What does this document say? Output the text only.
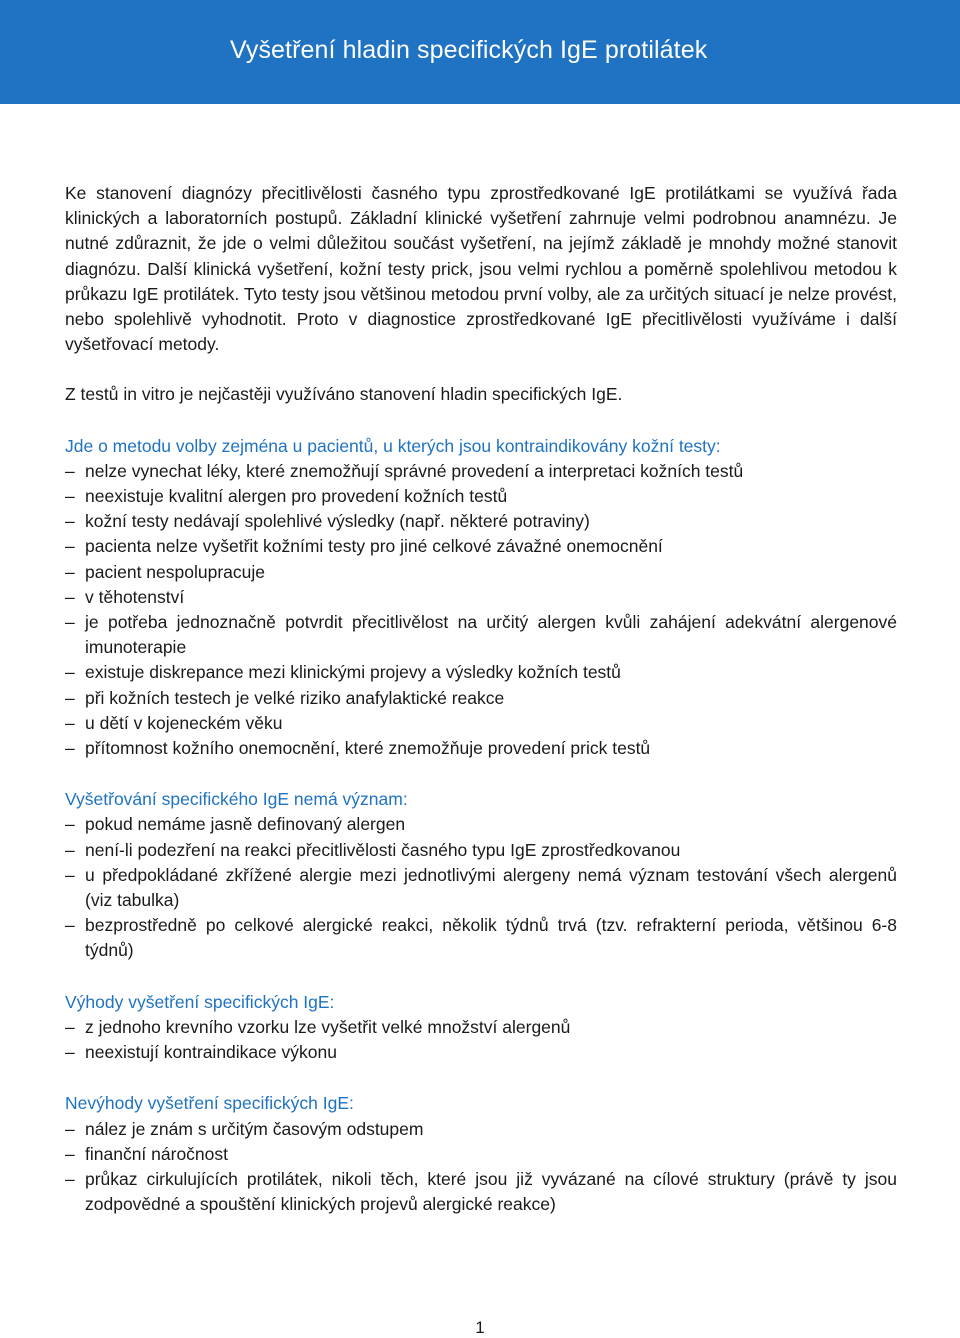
Vyšetření hladin specifických IgE protilátek

Ke stanovení diagnózy přecitlivělosti časného typu zprostředkované IgE protilátkami se využívá řada klinických a laboratorních postupů. Základní klinické vyšetření zahrnuje velmi podrobnou anamnézu. Je nutné zdůraznit, že jde o velmi důležitou součást vyšetření, na jejímž základě je mnohdy možné stanovit diagnózu. Další klinická vyšetření, kožní testy prick, jsou velmi rychlou a poměrně spolehlivou metodou k průkazu IgE protilátek. Tyto testy jsou většinou metodou první volby, ale za určitých situací je nelze provést, nebo spolehlivě vyhodnotit. Proto v diagnostice zprostředkované IgE přecitlivělosti využíváme i další vyšetřovací metody.

Z testů in vitro je nejčastěji využíváno stanovení hladin specifických IgE.

Jde o metodu volby zejména u pacientů, u kterých jsou kontraindikovány kožní testy:
– nelze vynechat léky, které znemožňují správné provedení a interpretaci kožních testů
– neexistuje kvalitní alergen pro provedení kožních testů
– kožní testy nedávají spolehlivé výsledky (např. některé potraviny)
– pacienta nelze vyšetřit kožními testy pro jiné celkové závažné onemocnění
– pacient nespolupracuje
– v těhotenství
– je potřeba jednoznačně potvrdit přecitlivělost na určitý alergen kvůli zahájení adekvátní alergenové imunoterapie
– existuje diskrepance mezi klinickými projevy a výsledky kožních testů
– při kožních testech je velké riziko anafylaktické reakce
– u dětí v kojeneckém věku
– přítomnost kožního onemocnění, které znemožňuje provedení prick testů
Vyšetřování specifického IgE nemá význam:
– pokud nemáme jasně definovaný alergen
– není-li podezření na reakci přecitlivělosti časného typu IgE zprostředkovanou
– u předpokládané zkřížené alergie mezi jednotlivými alergeny nemá význam testování všech alergenů (viz tabulka)
– bezprostředně po celkové alergické reakci, několik týdnů trvá (tzv. refrakterní perioda, většinou 6-8 týdnů)
Výhody vyšetření specifických IgE:
– z jednoho krevního vzorku lze vyšetřit velké množství alergenů
– neexistují kontraindikace výkonu
Nevýhody vyšetření specifických IgE:
– nález je znám s určitým časovým odstupem
– finanční náročnost
– průkaz cirkulujících protilátek, nikoli těch, které jsou již vyvázané na cílové struktury (právě ty jsou zodpovědné a spouštění klinických projevů alergické reakce)
1
